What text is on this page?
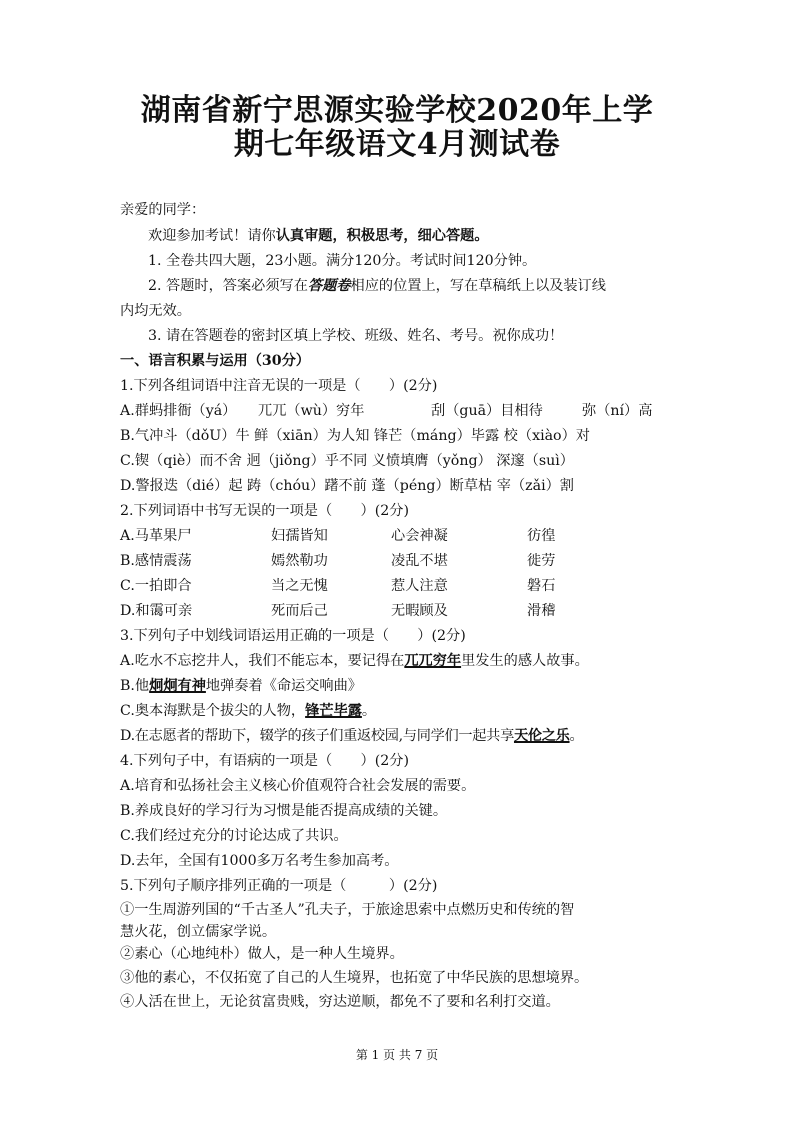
湖南省新宁思源实验学校2020年上学
期七年级语文4月测试卷
亲爱的同学：
欢迎参加考试！请你认真审题，积极思考，细心答题。
1. 全卷共四大题，23小题。满分120分。考试时间120分钟。
2. 答题时，答案必须写在答题卷相应的位置上，写在草稿纸上以及装订线
内均无效。
3. 请在答题卷的密封区填上学校、班级、姓名、考号。祝你成功！
一、语言积累与运用（30分）
1.下列各组词语中注音无误的一项是（　　）(2分)
A.群蚂排衙（yá） 兀兀（wù）穷年	刮（guā）目相待	弥（ní）高
B.气冲斗（dǒU）牛 鲜（xiān）为人知 锋芒（máng）毕露 校（xiào）对
C.锲（qiè）而不舍 迥（jiǒng）乎不同 义愤填膺（yǒng） 深邃（suì）
D.警报迭（dié）起 踌（chóu）躇不前 蓬（péng）断草枯 宰（zǎi）割
2.下列词语中书写无误的一项是（　　）(2分)
A.马革果尸	妇孺皆知	心会神凝	彷徨
B.感情震荡	嫣然勒功	凌乱不堪	徙劳
C.一拍即合	当之无愧	惹人注意	磐石
D.和霭可亲	死而后己	无暇顾及	滑稽
3.下列句子中划线词语运用正确的一项是（　　）(2分)
A.吃水不忘挖井人，我们不能忘本，要记得在兀兀穷年里发生的感人故事。
B.他炯炯有神地弹奏着《命运交响曲》
C.奥本海默是个拔尖的人物，锋芒毕露。
D.在志愿者的帮助下，辍学的孩子们重返校园,与同学们一起共享天伦之乐。
4.下列句子中，有语病的一项是（　　）(2分)
A.培育和弘扬社会主义核心价值观符合社会发展的需要。
B.养成良好的学习行为习惯是能否提高成绩的关键。
C.我们经过充分的讨论达成了共识。
D.去年，全国有1000多万名考生参加高考。
5.下列句子顺序排列正确的一项是（　　　）(2分)
①一生周游列国的“千古圣人”孔夫子，于旅途思索中点燃历史和传统的智
慧火花，创立儒家学说。
②素心（心地纯朴）做人，是一种人生境界。
③他的素心，不仅拓宽了自己的人生境界，也拓宽了中华民族的思想境界。
④人活在世上，无论贫富贵贱，穷达逆顺，都免不了要和名利打交道。
第 1 页 共 7 页
